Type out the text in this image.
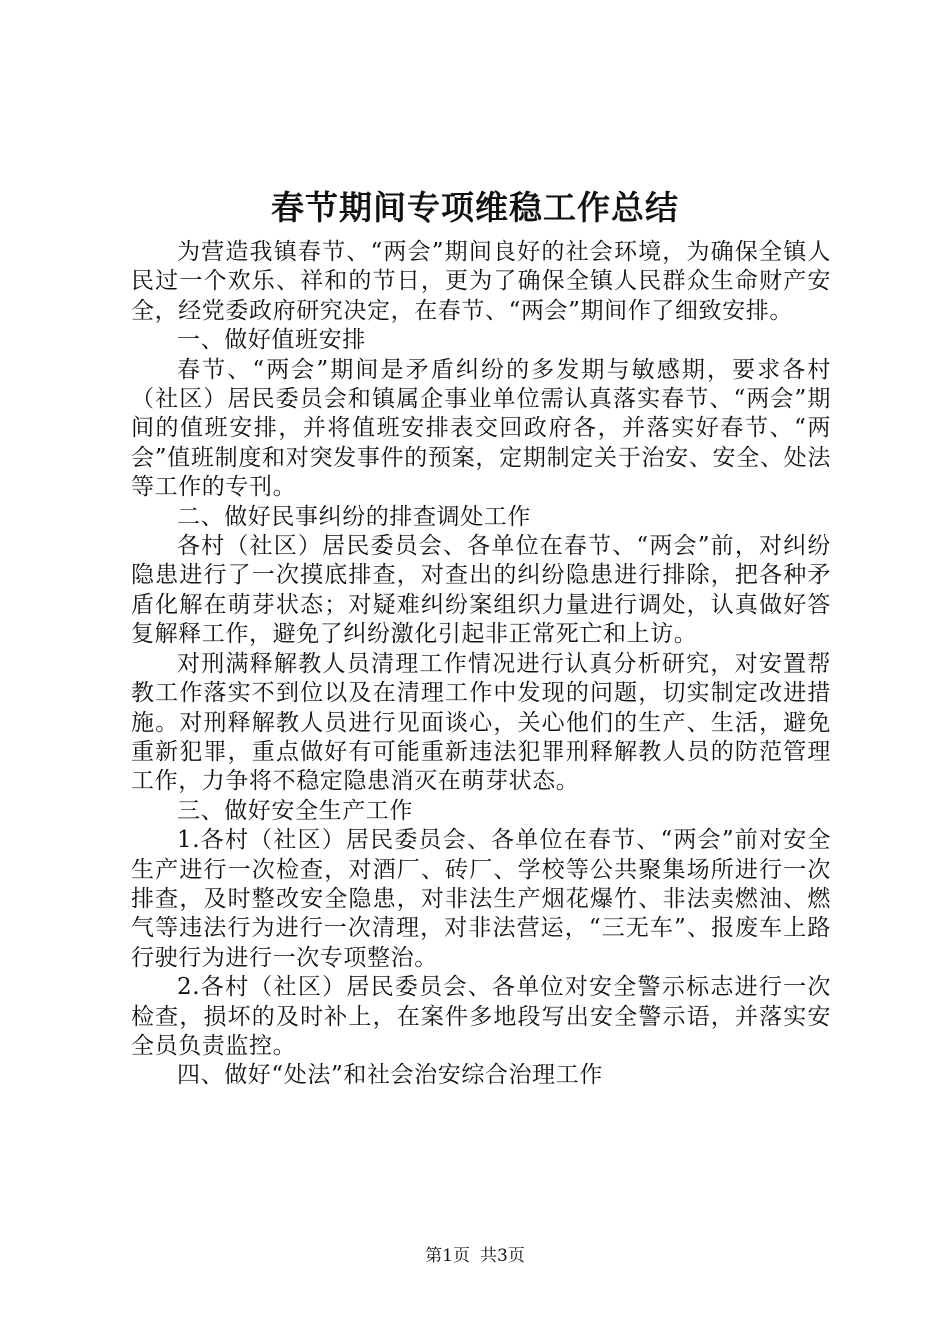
春节期间专项维稳工作总结

为营造我镇春节、“两会”期间良好的社会环境，为确保全镇人民过一个欢乐、祥和的节日，更为了确保全镇人民群众生命财产安全，经党委政府研究决定，在春节、“两会”期间作了细致安排。

一、做好值班安排

春节、“两会”期间是矛盾纠纷的多发期与敏感期，要求各村（社区）居民委员会和镇属企事业单位需认真落实春节、“两会”期间的值班安排，并将值班安排表交回政府各，并落实好春节、“两会”值班制度和对突发事件的预案，定期制定关于治安、安全、处法等工作的专刊。

二、做好民事纠纷的排查调处工作

各村（社区）居民委员会、各单位在春节、“两会”前，对纠纷隐患进行了一次摸底排查，对查出的纠纷隐患进行排除，把各种矛盾化解在萌芽状态；对疑难纠纷案组织力量进行调处，认真做好答复解释工作，避免了纠纷激化引起非正常死亡和上访。

对刑满释解教人员清理工作情况进行认真分析研究，对安置帮教工作落实不到位以及在清理工作中发现的问题，切实制定改进措施。对刑释解教人员进行见面谈心，关心他们的生产、生活，避免重新犯罪，重点做好有可能重新违法犯罪刑释解教人员的防范管理工作，力争将不稳定隐患消灭在萌芽状态。

三、做好安全生产工作

1.各村（社区）居民委员会、各单位在春节、“两会”前对安全生产进行一次检查，对酒厂、砖厂、学校等公共聚集场所进行一次排查，及时整改安全隐患，对非法生产烟花爆竹、非法卖燃油、燃气等违法行为进行一次清理，对非法营运，“三无车”、报废车上路行驶行为进行一次专项整治。

2.各村（社区）居民委员会、各单位对安全警示标志进行一次检查，损坏的及时补上，在案件多地段写出安全警示语，并落实安全员负责监控。

四、做好“处法”和社会治安综合治理工作

第1页 共3页
